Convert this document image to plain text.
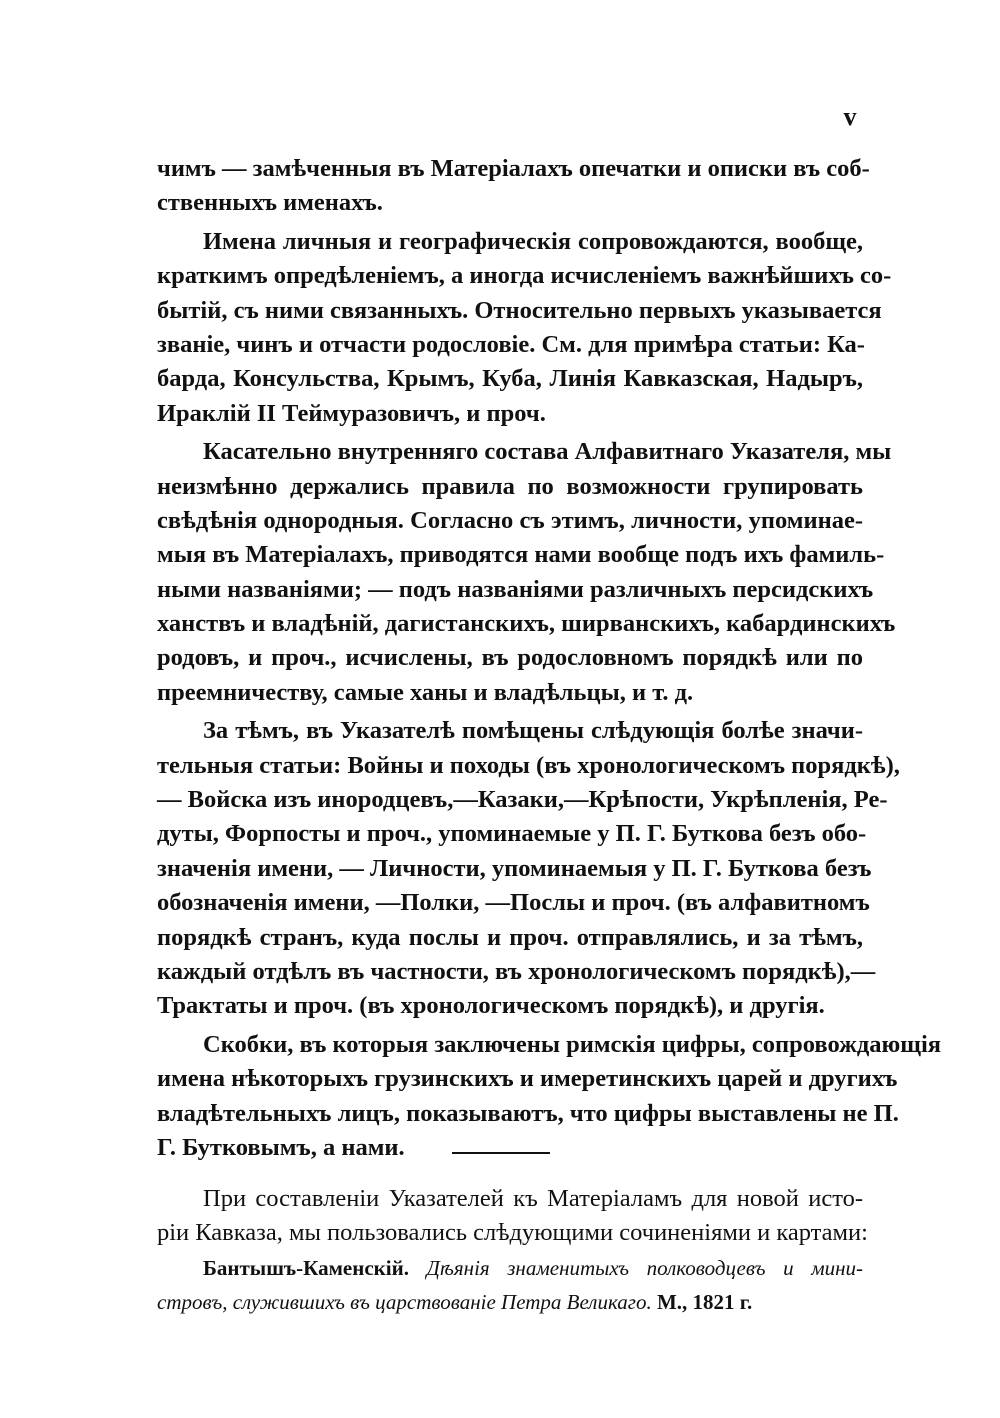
v
чимъ — замѣченныя въ Матеріалахъ опечатки и описки въ соб-
ственныхъ именахъ.
Имена личныя и географическія сопровождаются, вообще,
краткимъ опредѣленіемъ, а иногда исчисленіемъ важнѣйшихъ со-
бытій, съ ними связанныхъ. Относительно первыхъ указывается
званіе, чинъ и отчасти родословіе. См. для примѣра статьи: Ка-
барда, Консульства, Крымъ, Куба, Линія Кавказская, Надыръ,
Ираклій II Теймуразовичъ, и проч.
Касательно внутренняго состава Алфавитнаго Указателя, мы
неизмѣнно держались правила по возможности групировать
свѣдѣнія однородныя. Согласно съ этимъ, личности, упоминае-
мыя въ Матеріалахъ, приводятся нами вообще подъ ихъ фамиль-
ными названіями; — подъ названіями различныхъ персидскихъ
ханствъ и владѣній, дагистанскихъ, ширванскихъ, кабардинскихъ
родовъ, и проч., исчислены, въ родословномъ порядкѣ или по
преемничеству, самые ханы и владѣльцы, и т. д.
За тѣмъ, въ Указателѣ помѣщены слѣдующія болѣе значи-
тельныя статьи: Войны и походы (въ хронологическомъ порядкѣ),
— Войска изъ инородцевъ,—Казаки,—Крѣпости, Укрѣпленія, Ре-
дуты, Форпосты и проч., упоминаемые у П. Г. Буткова безъ обо-
значенія имени, — Личности, упоминаемыя у П. Г. Буткова безъ
обозначенія имени, —Полки, —Послы и проч. (въ алфавитномъ
порядкѣ странъ, куда послы и проч. отправлялись, и за тѣмъ,
каждый отдѣлъ въ частности, въ хронологическомъ порядкѣ),—
Трактаты и проч. (въ хронологическомъ порядкѣ), и другія.
Скобки, въ которыя заключены римскія цифры, сопровождающія
имена нѣкоторыхъ грузинскихъ и имеретинскихъ царей и другихъ
владѣтельныхъ лицъ, показываютъ, что цифры выставлены не П.
Г. Бутковымъ, а нами.
При составленіи Указателей къ Матеріаламъ для новой исто-
ріи Кавказа, мы пользовались слѣдующими сочиненіями и картами:
Бантышъ-Каменскій. Дѣянія знаменитыхъ полководцевъ и мини-
стровъ, служившихъ въ царствованіе Петра Великаго. М., 1821 г.
